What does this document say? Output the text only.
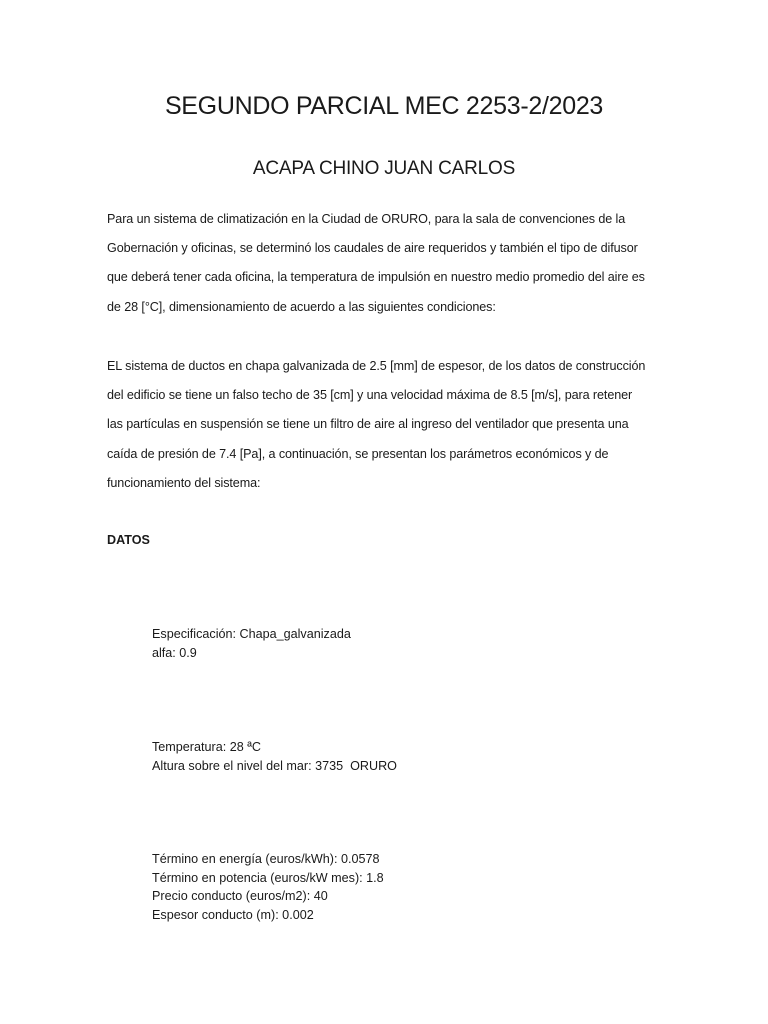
SEGUNDO PARCIAL MEC 2253-2/2023
ACAPA CHINO JUAN CARLOS

Para un sistema de climatización en la Ciudad de ORURO, para la sala de convenciones de la Gobernación y oficinas, se determinó los caudales de aire requeridos y también el tipo de difusor que deberá tener cada oficina, la temperatura de impulsión en nuestro medio promedio del aire es de 28 [°C], dimensionamiento de acuerdo a las siguientes condiciones:

EL sistema de ductos en chapa galvanizada de 2.5 [mm] de espesor, de los datos de construcción del edificio se tiene un falso techo de 35 [cm] y una velocidad máxima de 8.5 [m/s], para retener las partículas en suspensión se tiene un filtro de aire al ingreso del ventilador que presenta una caída de presión de 7.4 [Pa], a continuación, se presentan los parámetros económicos y de funcionamiento del sistema:

DATOS

Especificación: Chapa_galvanizada
alfa: 0.9
Temperatura: 28 ªC
Altura sobre el nivel del mar: 3735  ORURO
Término en energía (euros/kWh): 0.0578
Término en potencia (euros/kW mes): 1.8
Precio conducto (euros/m2): 40
Espesor conducto (m): 0.002
